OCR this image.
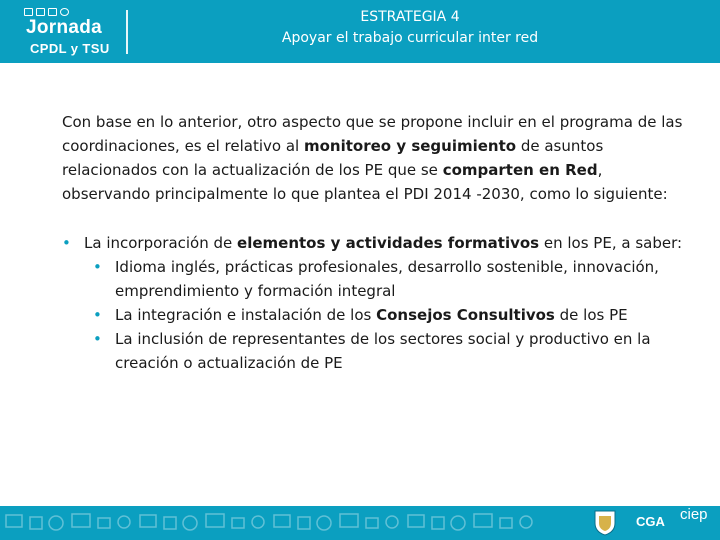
Jornada
CPDL y TSU
ESTRATEGIA 4
Apoyar el trabajo curricular inter red

Con base en lo anterior, otro aspecto que se propone incluir en el programa de las coordinaciones, es el relativo al monitoreo y seguimiento de asuntos relacionados con la actualización de los PE que se comparten en Red, observando principalmente lo que plantea el PDI 2014 -2030, como lo siguiente:

• La incorporación de elementos y actividades formativos en los PE, a saber:

• Idioma inglés, prácticas profesionales, desarrollo sostenible, innovación, emprendimiento y formación integral

• La integración e instalación de los Consejos Consultivos de los PE

• La inclusión de representantes de los sectores social y productivo en la creación o actualización de PE

CGA ciep
